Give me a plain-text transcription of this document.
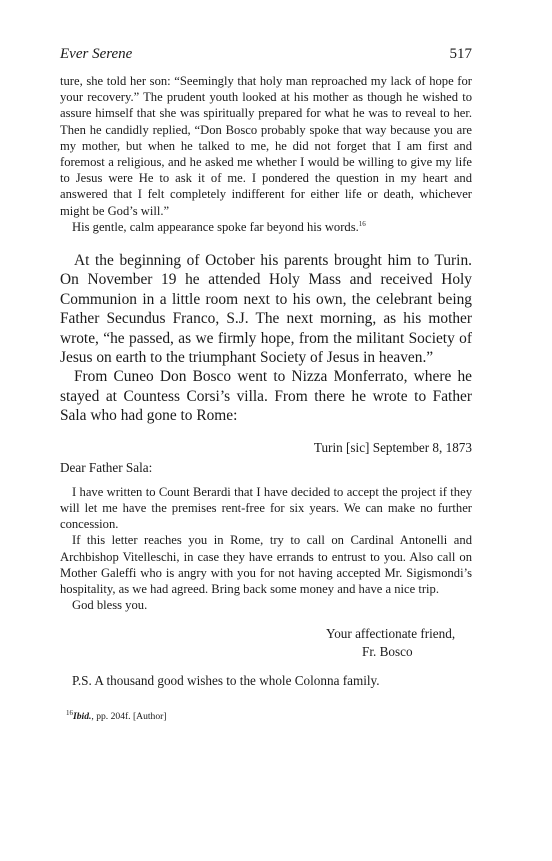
Ever Serene	517

ture, she told her son: “Seemingly that holy man reproached my lack of hope for your recovery.” The prudent youth looked at his mother as though he wished to assure himself that she was spiritually prepared for what he was to reveal to her. Then he candidly replied, “Don Bosco probably spoke that way because you are my mother, but when he talked to me, he did not forget that I am first and foremost a religious, and he asked me whether I would be willing to give my life to Jesus were He to ask it of me. I pondered the question in my heart and answered that I felt completely indifferent for either life or death, whichever might be God’s will.”

His gentle, calm appearance spoke far beyond his words.$^{16}$

At the beginning of October his parents brought him to Turin. On November 19 he attended Holy Mass and received Holy Communion in a little room next to his own, the celebrant being Father Secundus Franco, S.J. The next morning, as his mother wrote, “he passed, as we firmly hope, from the militant Society of Jesus on earth to the triumphant Society of Jesus in heaven.”

From Cuneo Don Bosco went to Nizza Monferrato, where he stayed at Countess Corsi’s villa. From there he wrote to Father Sala who had gone to Rome:

Turin [sic] September 8, 1873

Dear Father Sala:

I have written to Count Berardi that I have decided to accept the project if they will let me have the premises rent-free for six years. We can make no further concession.

If this letter reaches you in Rome, try to call on Cardinal Antonelli and Archbishop Vitelleschi, in case they have errands to entrust to you. Also call on Mother Galeffi who is angry with you for not having accepted Mr. Sigismondi’s hospitality, as we had agreed. Bring back some money and have a nice trip.

God bless you.

Your affectionate friend,
Fr. Bosco

P.S. A thousand good wishes to the whole Colonna family.

$^{16}$Ibid., pp. 204f. [Author]
